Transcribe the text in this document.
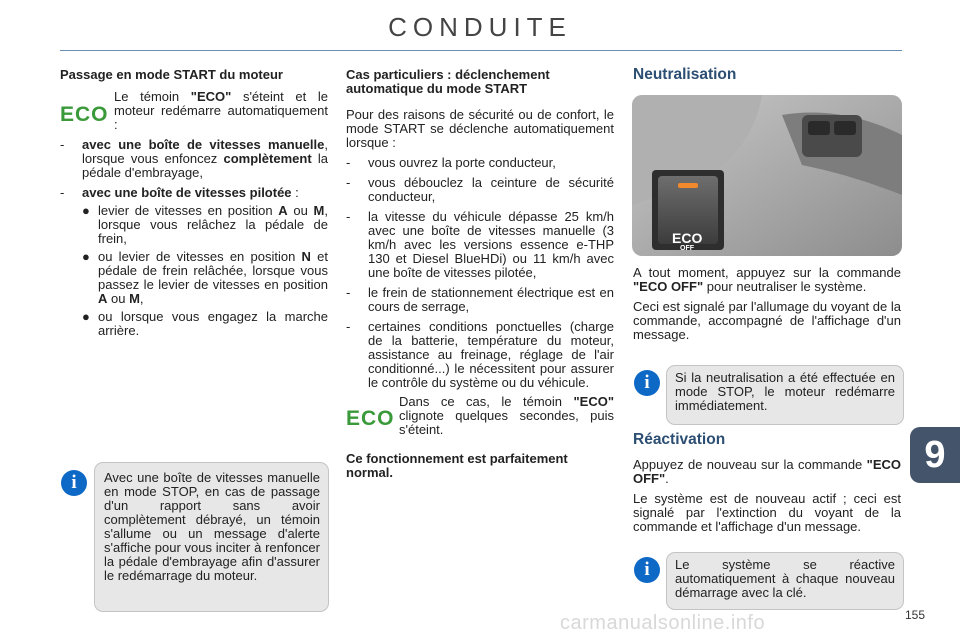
CONDUITE
Passage en mode START du moteur
ECO
Le témoin "ECO" s'éteint et le moteur redémarre automatiquement :
- avec une boîte de vitesses manuelle, lorsque vous enfoncez complètement la pédale d'embrayage,
- avec une boîte de vitesses pilotée :
● levier de vitesses en position A ou M, lorsque vous relâchez la pédale de frein,
● ou levier de vitesses en position N et pédale de frein relâchée, lorsque vous passez le levier de vitesses en position A ou M,
● ou lorsque vous engagez la marche arrière.
i	Avec une boîte de vitesses manuelle en mode STOP, en cas de passage d'un rapport sans avoir complètement débrayé, un témoin s'allume ou un message d'alerte s'affiche pour vous inciter à renfoncer la pédale d'embrayage afin d'assurer le redémarrage du moteur.
Cas particuliers : déclenchement automatique du mode START

Pour des raisons de sécurité ou de confort, le mode START se déclenche automatiquement lorsque :

- vous ouvrez la porte conducteur,
- vous débouclez la ceinture de sécurité conducteur,
- la vitesse du véhicule dépasse 25 km/h avec une boîte de vitesses manuelle (3 km/h avec les versions essence e-THP 130 et Diesel BlueHDi) ou 11 km/h avec une boîte de vitesses pilotée,
- le frein de stationnement électrique est en cours de serrage,
- certaines conditions ponctuelles (charge de la batterie, température du moteur, assistance au freinage, réglage de l'air conditionné...) le nécessitent pour assurer le contrôle du système ou du véhicule.
ECO
Dans ce cas, le témoin "ECO" clignote quelques secondes, puis s'éteint.
Ce fonctionnement est parfaitement normal.
Neutralisation
ECO
OFF

A tout moment, appuyez sur la commande "ECO OFF" pour neutraliser le système.

Ceci est signalé par l'allumage du voyant de la commande, accompagné de l'affichage d'un message.

i	Si la neutralisation a été effectuée en mode STOP, le moteur redémarre immédiatement.
Réactivation

Appuyez de nouveau sur la commande "ECO OFF".

Le système est de nouveau actif ; ceci est signalé par l'extinction du voyant de la commande et l'affichage d'un message.

i	Le système se réactive automatiquement à chaque nouveau démarrage avec la clé.
9
155
carmanualsonline.info
